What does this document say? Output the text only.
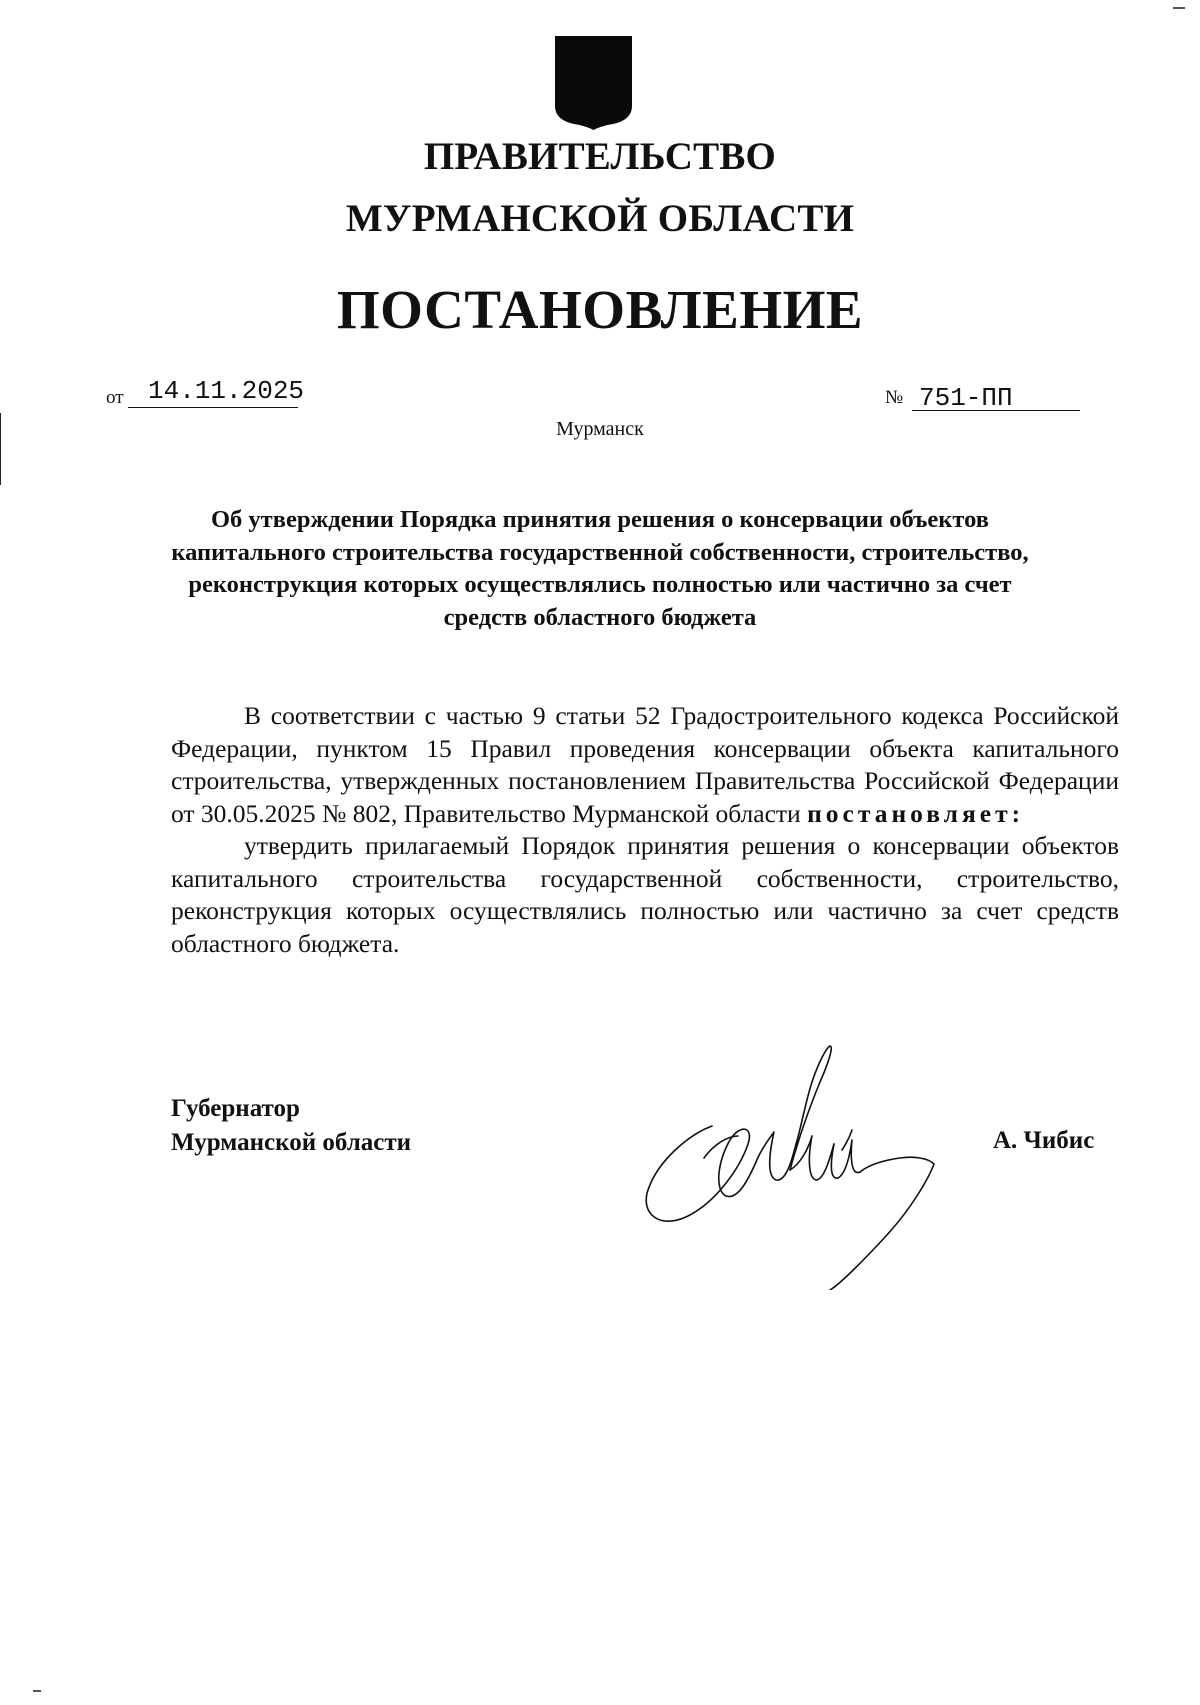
ПРАВИТЕЛЬСТВО
МУРМАНСКОЙ ОБЛАСТИ
ПОСТАНОВЛЕНИЕ
от 14.11.2025	№ 751-ПП
Мурманск
Об утверждении Порядка принятия решения о консервации объектов капитального строительства государственной собственности, строительство, реконструкция которых осуществлялись полностью или частично за счет средств областного бюджета

В соответствии с частью 9 статьи 52 Градостроительного кодекса Российской Федерации, пунктом 15 Правил проведения консервации объекта капитального строительства, утвержденных постановлением Правительства Российской Федерации от 30.05.2025 № 802, Правительство Мурманской области постановляет:

утвердить прилагаемый Порядок принятия решения о консервации объектов капитального строительства государственной собственности, строительство, реконструкция которых осуществлялись полностью или частично за счет средств областного бюджета.

Губернатор
Мурманской области	А. Чибис
